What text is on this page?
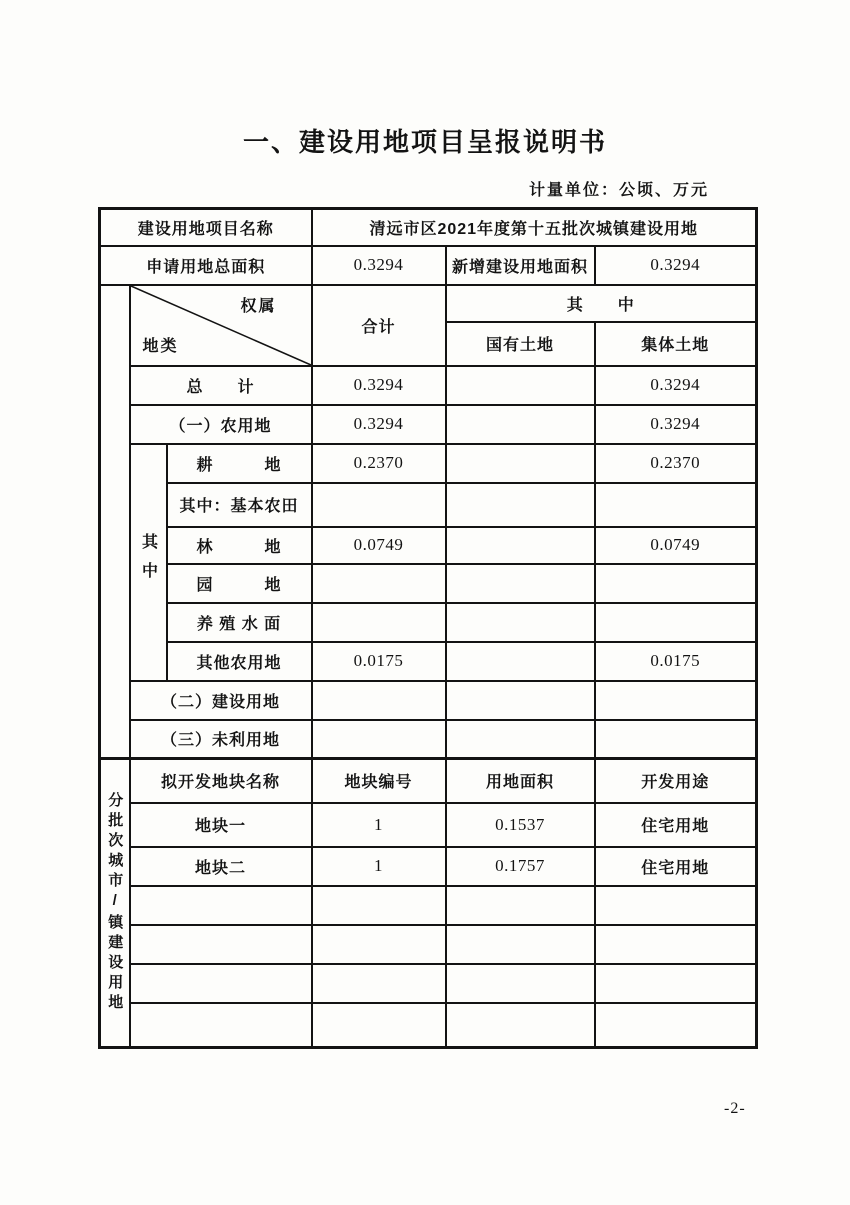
一、建设用地项目呈报说明书
计量单位：公顷、万元
建设用地项目名称			清远市区2021年度第十五批次城镇建设用地		
申请用地总面积			0.3294	新增建设用地面积	0.3294

	权属
地类		合计	其　　中	
				国有土地	集体土地
	总　　计		0.3294		0.3294
	（一）农用地		0.3294		0.3294
	其中	耕　　　地	0.2370		0.2370
		其中：基本农田			
		林　　　地	0.0749		0.0749
		园　　　地			
		养 殖 水 面			
		其他农用地	0.0175		0.0175
	（二）建设用地				
	（三）未利用地				
分批次城市/镇建设用地	拟开发地块名称		地块编号	用地面积	开发用途
	地块一		1	0.1537	住宅用地
	地块二		1	0.1757	住宅用地

-2-
